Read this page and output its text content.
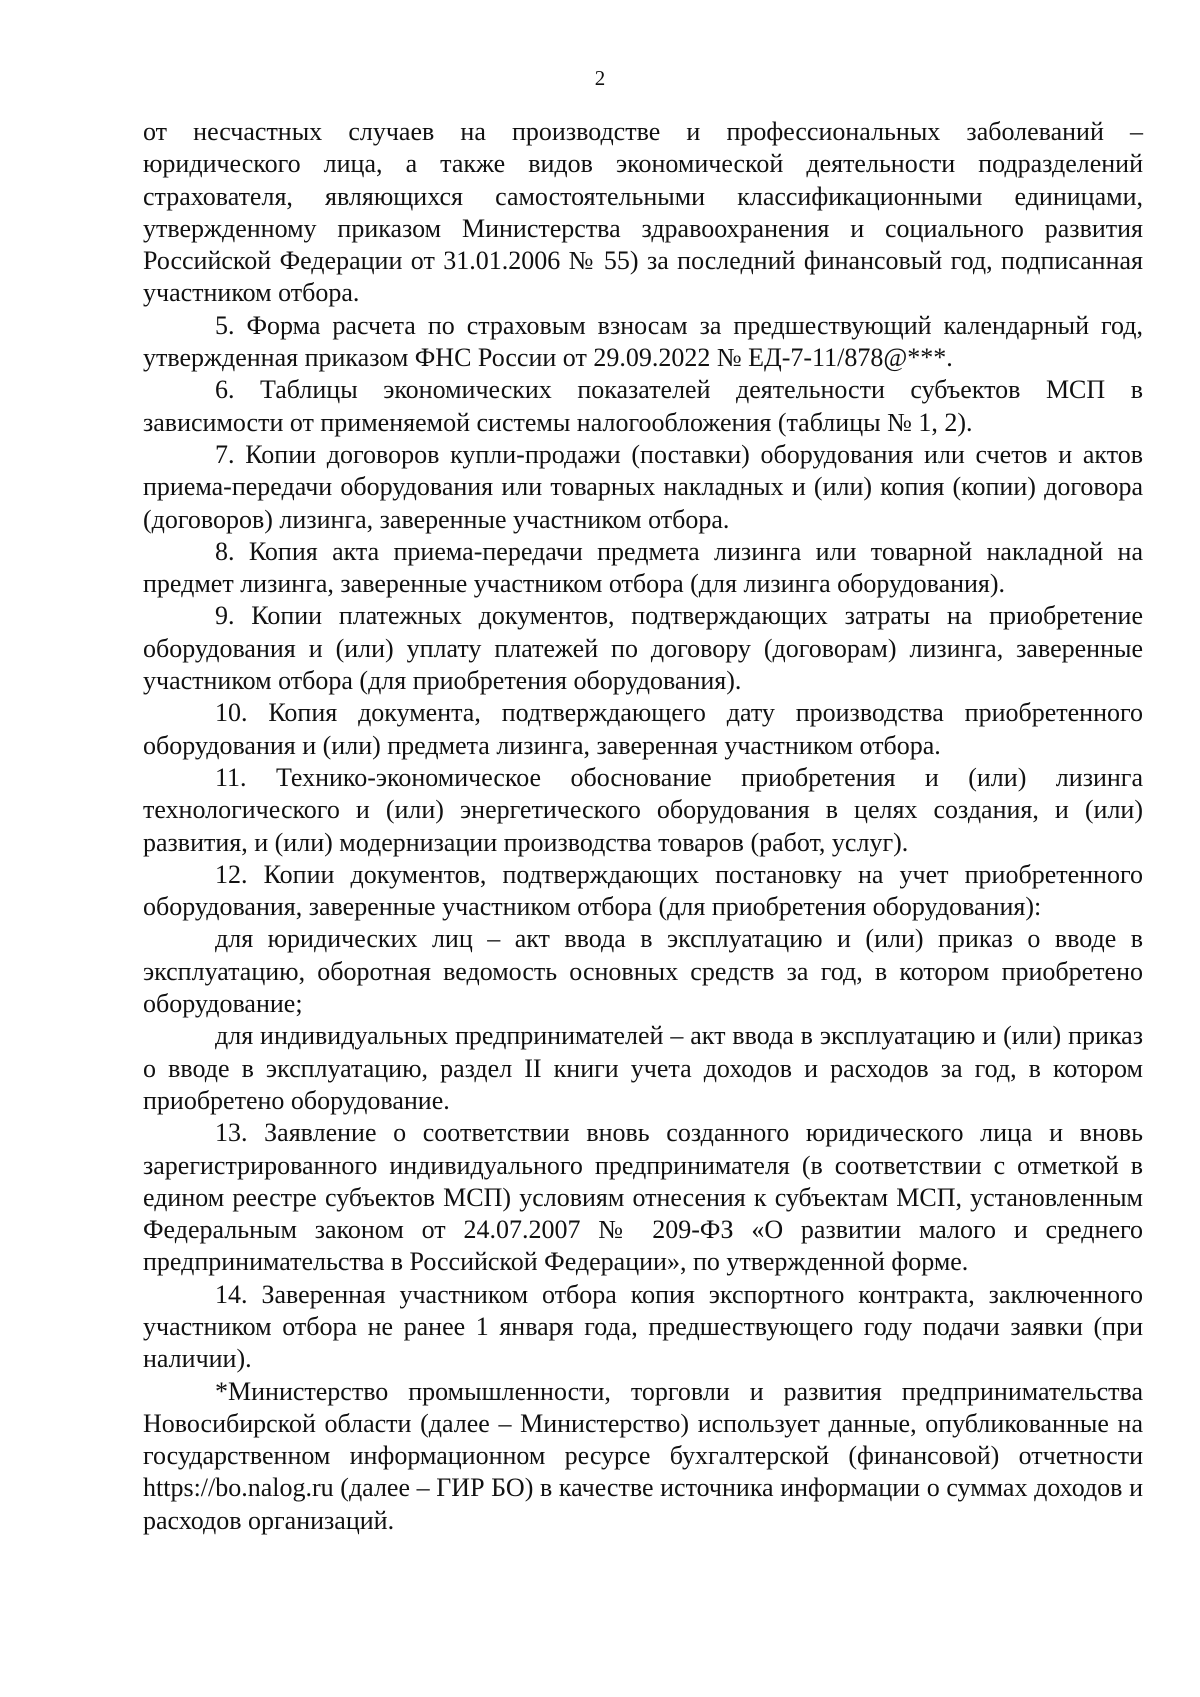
2

от несчастных случаев на производстве и профессиональных заболеваний – юридического лица, а также видов экономической деятельности подразделений страхователя, являющихся самостоятельными классификационными единицами, утвержденному приказом Министерства здравоохранения и социального развития Российской Федерации от 31.01.2006 № 55) за последний финансовый год, подписанная участником отбора.

5. Форма расчета по страховым взносам за предшествующий календарный год, утвержденная приказом ФНС России от 29.09.2022 № ЕД-7-11/878@***.

6. Таблицы экономических показателей деятельности субъектов МСП в зависимости от применяемой системы налогообложения (таблицы № 1, 2).

7. Копии договоров купли-продажи (поставки) оборудования или счетов и актов приема-передачи оборудования или товарных накладных и (или) копия (копии) договора (договоров) лизинга, заверенные участником отбора.

8. Копия акта приема-передачи предмета лизинга или товарной накладной на предмет лизинга, заверенные участником отбора (для лизинга оборудования).

9. Копии платежных документов, подтверждающих затраты на приобретение оборудования и (или) уплату платежей по договору (договорам) лизинга, заверенные участником отбора (для приобретения оборудования).

10. Копия документа, подтверждающего дату производства приобретенного оборудования и (или) предмета лизинга, заверенная участником отбора.

11. Технико-экономическое обоснование приобретения и (или) лизинга технологического и (или) энергетического оборудования в целях создания, и (или) развития, и (или) модернизации производства товаров (работ, услуг).

12. Копии документов, подтверждающих постановку на учет приобретенного оборудования, заверенные участником отбора (для приобретения оборудования):

для юридических лиц – акт ввода в эксплуатацию и (или) приказ о вводе в эксплуатацию, оборотная ведомость основных средств за год, в котором приобретено оборудование;

для индивидуальных предпринимателей – акт ввода в эксплуатацию и (или) приказ о вводе в эксплуатацию, раздел II книги учета доходов и расходов за год, в котором приобретено оборудование.

13. Заявление о соответствии вновь созданного юридического лица и вновь зарегистрированного индивидуального предпринимателя (в соответствии с отметкой в едином реестре субъектов МСП) условиям отнесения к субъектам МСП, установленным Федеральным законом от 24.07.2007 № 209-ФЗ «О развитии малого и среднего предпринимательства в Российской Федерации», по утвержденной форме.

14. Заверенная участником отбора копия экспортного контракта, заключенного участником отбора не ранее 1 января года, предшествующего году подачи заявки (при наличии).

*Министерство промышленности, торговли и развития предпринимательства Новосибирской области (далее – Министерство) использует данные, опубликованные на государственном информационном ресурсе бухгалтерской (финансовой) отчетности https://bo.nalog.ru (далее – ГИР БО) в качестве источника информации о суммах доходов и расходов организаций.
